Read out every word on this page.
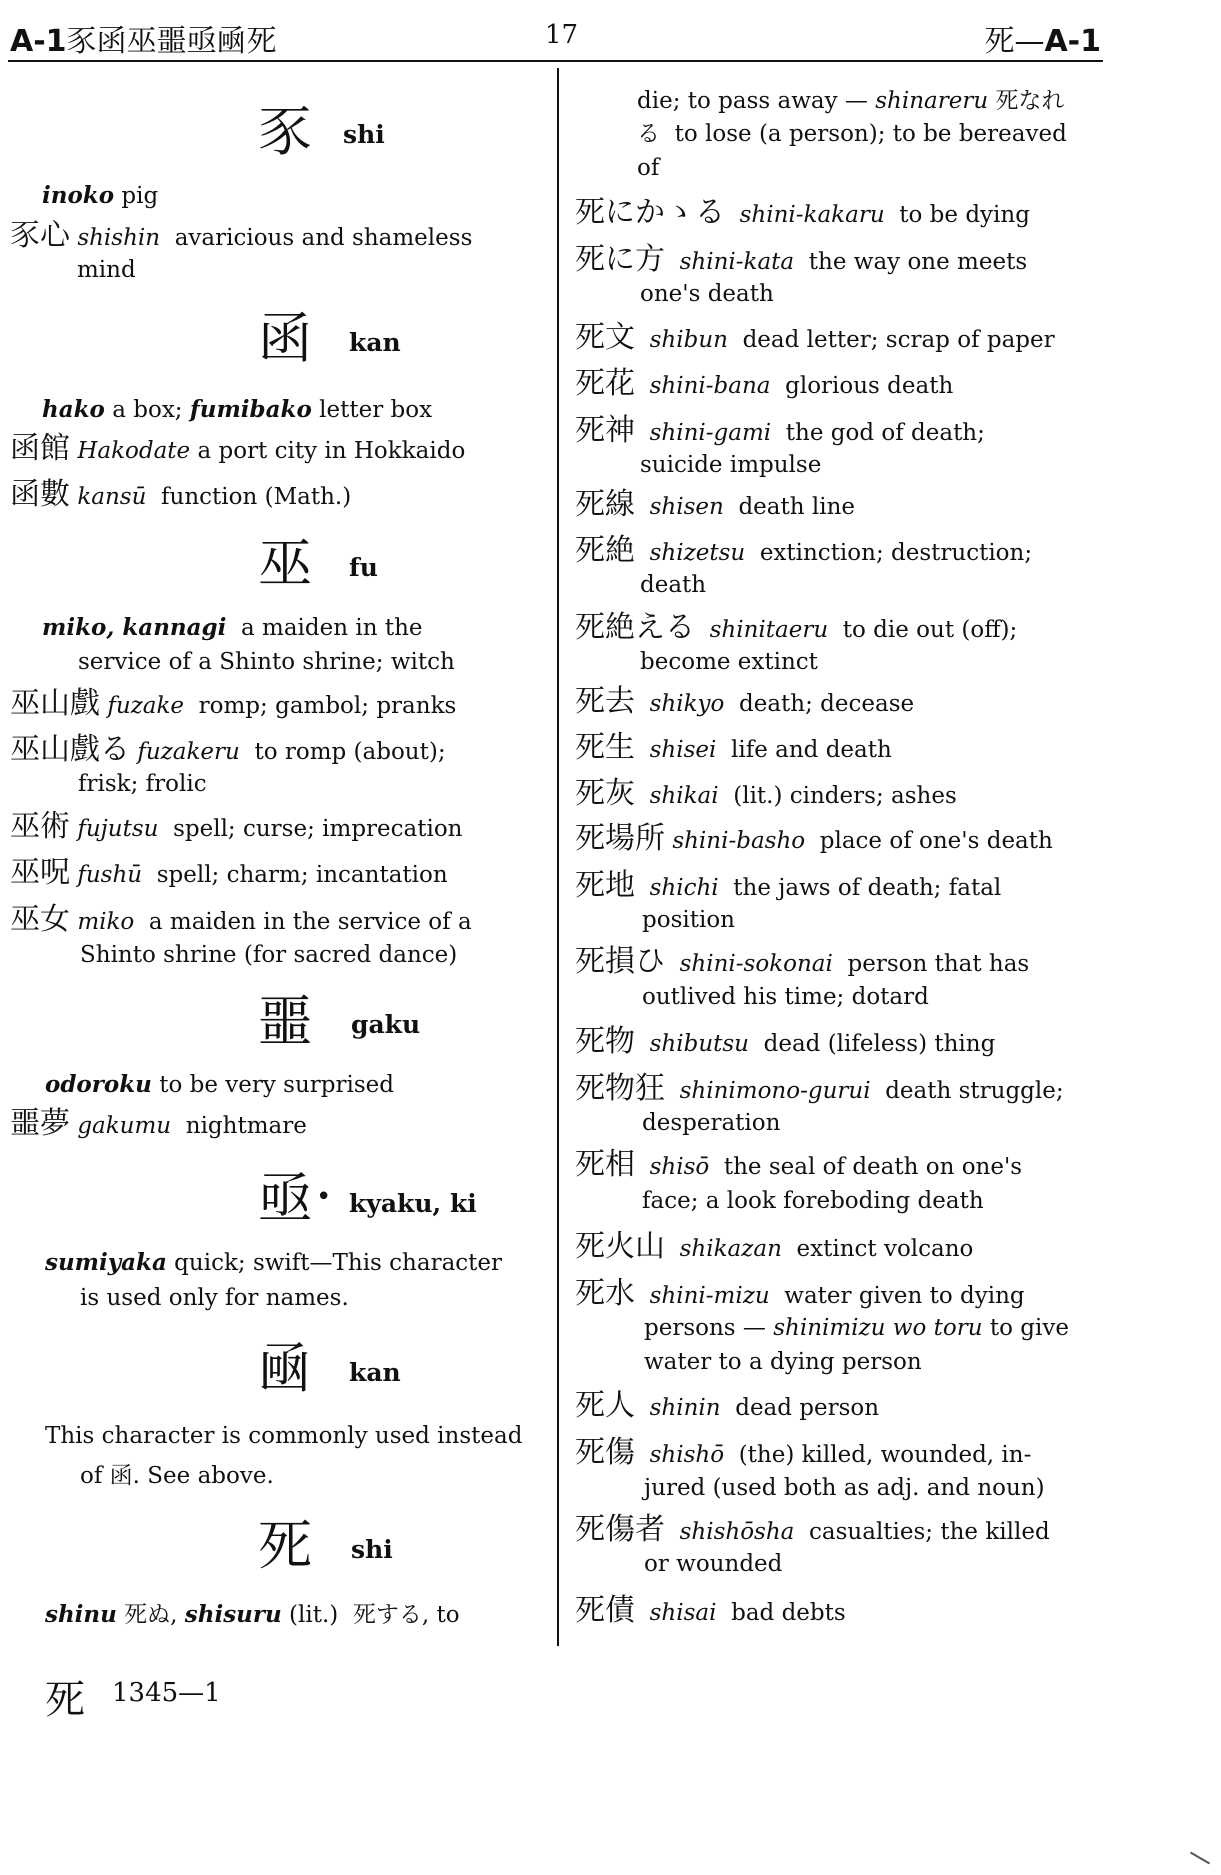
A-1豕函巫噩亟凾死	17	死—A-1
豕 shi
inoko pig
豕心 shishin avaricious and shameless
mind
函 kan
hako a box; fumibako letter box
函館 Hakodate a port city in Hokkaido
函數 kansū function (Math.)
巫 fu
miko, kannagi a maiden in the
service of a Shinto shrine; witch
巫山戲 fuzake romp; gambol; pranks
巫山戲る fuzakeru to romp (about);
frisk; frolic
巫術 fujutsu spell; curse; imprecation
巫呪 fushū spell; charm; incantation
巫女 miko a maiden in the service of a
Shinto shrine (for sacred dance)
噩 gaku
odoroku to be very surprised
噩夢 gakumu nightmare
亟 • kyaku, ki
sumiyaka quick; swift—This character
is used only for names.
凾 kan
This character is commonly used instead
of 函. See above.
死 shi
shinu 死ぬ, shisuru (lit.) 死する, to
die; to pass away — shinareru 死なれ
る to lose (a person); to be bereaved
of
死にかゝる shini-kakaru to be dying
死に方 shini-kata the way one meets
one's death
死文 shibun dead letter; scrap of paper
死花 shini-bana glorious death
死神 shini-gami the god of death;
suicide impulse
死線 shisen death line
死絶 shizetsu extinction; destruction;
death
死絶える shinitaeru to die out (off);
become extinct
死去 shikyo death; decease
死生 shisei life and death
死灰 shikai (lit.) cinders; ashes
死場所 shini-basho place of one's death
死地 shichi the jaws of death; fatal
position
死損ひ shini-sokonai person that has
outlived his time; dotard
死物 shibutsu dead (lifeless) thing
死物狂 shinimono-gurui death struggle;
desperation
死相 shisō the seal of death on one's
face; a look foreboding death
死火山 shikazan extinct volcano
死水 shini-mizu water given to dying
persons — shinimizu wo toru to give
water to a dying person
死人 shinin dead person
死傷 shishō (the) killed, wounded, in-
jured (used both as adj. and noun)
死傷者 shishōsha casualties; the killed
or wounded
死債 shisai bad debts
死 1345—1
